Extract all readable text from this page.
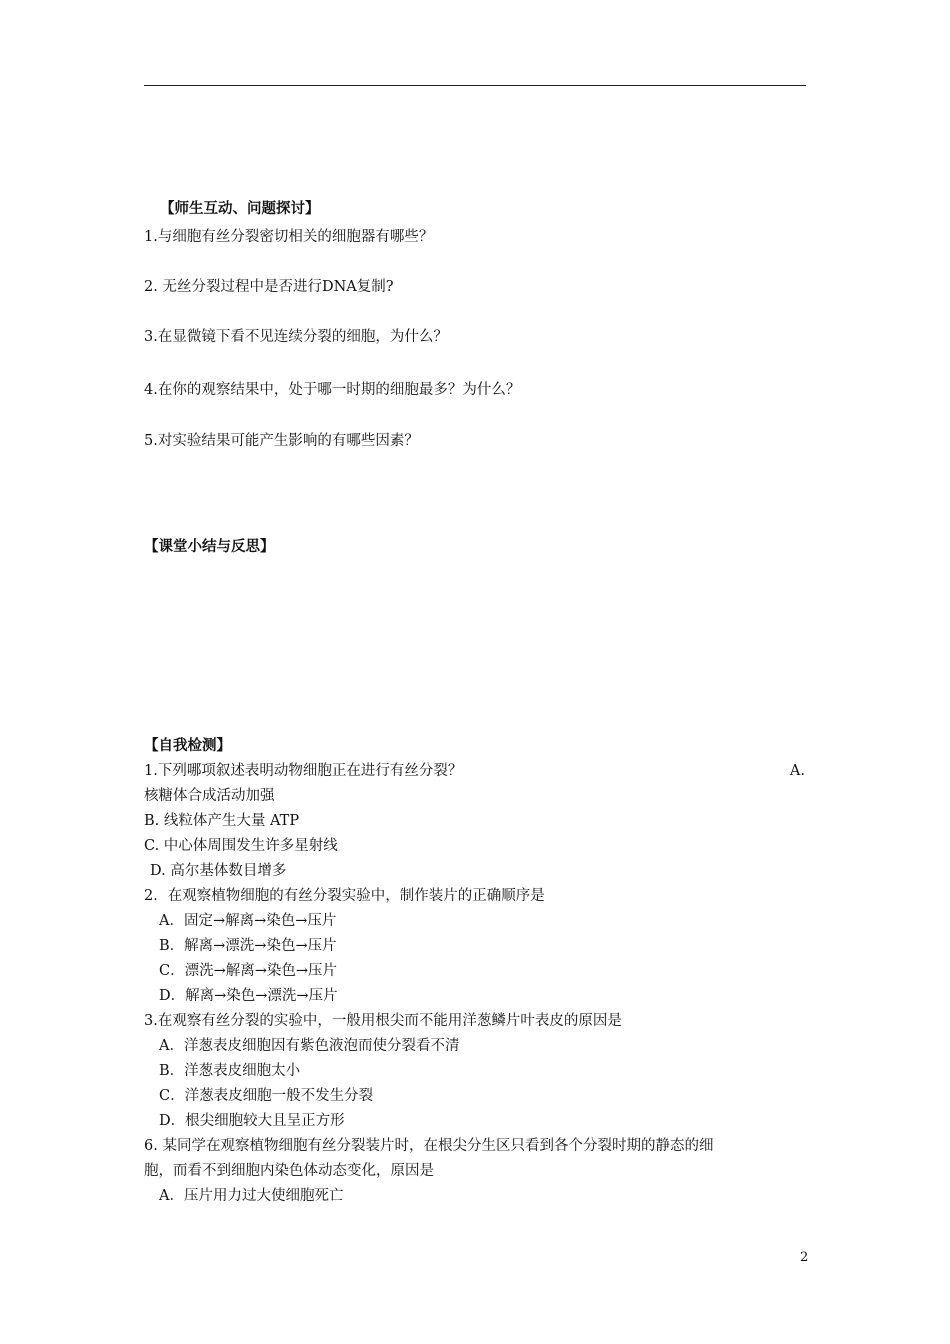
【师生互动、问题探讨】
1.与细胞有丝分裂密切相关的细胞器有哪些？
2. 无丝分裂过程中是否进行DNA复制?
3.在显微镜下看不见连续分裂的细胞，为什么？
4.在你的观察结果中，处于哪一时期的细胞最多？为什么？
5.对实验结果可能产生影响的有哪些因素？
【课堂小结与反思】
【自我检测】
1.下列哪项叙述表明动物细胞正在进行有丝分裂？	A.
核糖体合成活动加强
B. 线粒体产生大量 ATP
C. 中心体周围发生许多星射线
D. 高尔基体数目增多
2．在观察植物细胞的有丝分裂实验中，制作装片的正确顺序是
A．固定→解离→染色→压片
B．解离→漂洗→染色→压片
C．漂洗→解离→染色→压片
D．解离→染色→漂洗→压片
3.在观察有丝分裂的实验中，一般用根尖而不能用洋葱鳞片叶表皮的原因是
A．洋葱表皮细胞因有紫色液泡而使分裂看不清
B．洋葱表皮细胞太小
C．洋葱表皮细胞一般不发生分裂
D．根尖细胞较大且呈正方形
6. 某同学在观察植物细胞有丝分裂装片时，在根尖分生区只看到各个分裂时期的静态的细
胞，而看不到细胞内染色体动态变化，原因是
A．压片用力过大使细胞死亡
2
